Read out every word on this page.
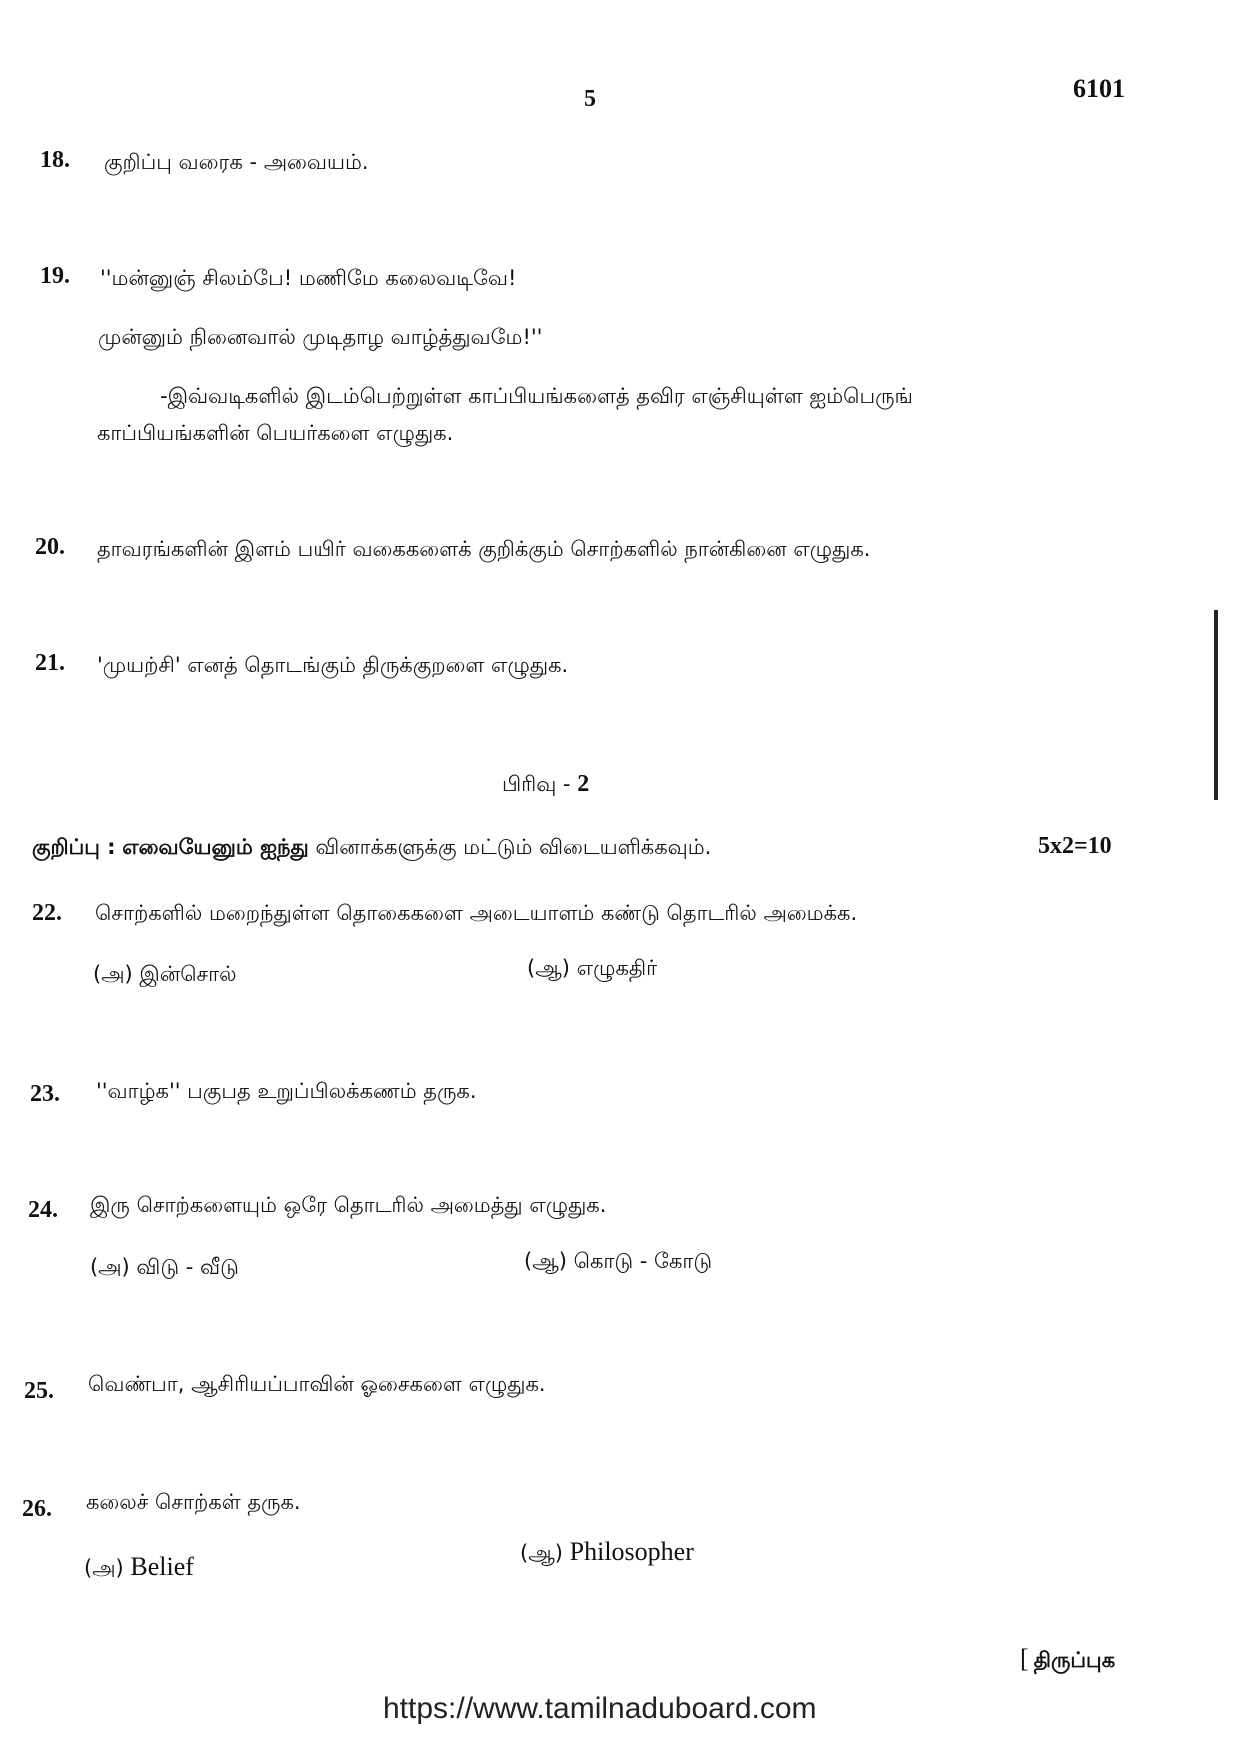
5	6101
18. குறிப்பு வரைக - அவையம்.
19. ''மன்னுஞ் சிலம்பே! மணிமே கலைவடிவே!
முன்னும் நினைவால் முடிதாழ வாழ்த்துவமே!''
-இவ்வடிகளில் இடம்பெற்றுள்ள காப்பியங்களைத் தவிர எஞ்சியுள்ள ஐம்பெருங்
காப்பியங்களின் பெயர்களை எழுதுக.
20. தாவரங்களின் இளம் பயிர் வகைகளைக் குறிக்கும் சொற்களில் நான்கினை எழுதுக.
21. 'முயற்சி' எனத் தொடங்கும் திருக்குறளை எழுதுக.
பிரிவு - 2
குறிப்பு : எவையேனும் ஐந்து வினாக்களுக்கு மட்டும் விடையளிக்கவும்.	5x2=10
22. சொற்களில் மறைந்துள்ள தொகைகளை அடையாளம் கண்டு தொடரில் அமைக்க.
(அ) இன்சொல்	(ஆ) எழுகதிர்
23. ''வாழ்க'' பகுபத உறுப்பிலக்கணம் தருக.
24. இரு சொற்களையும் ஒரே தொடரில் அமைத்து எழுதுக.
(அ) விடு - வீடு	(ஆ) கொடு - கோடு
25. வெண்பா, ஆசிரியப்பாவின் ஓசைகளை எழுதுக.
26. கலைச் சொற்கள் தருக.
(அ) Belief	(ஆ) Philosopher
[ திருப்புக
https://www.tamilnaduboard.com
